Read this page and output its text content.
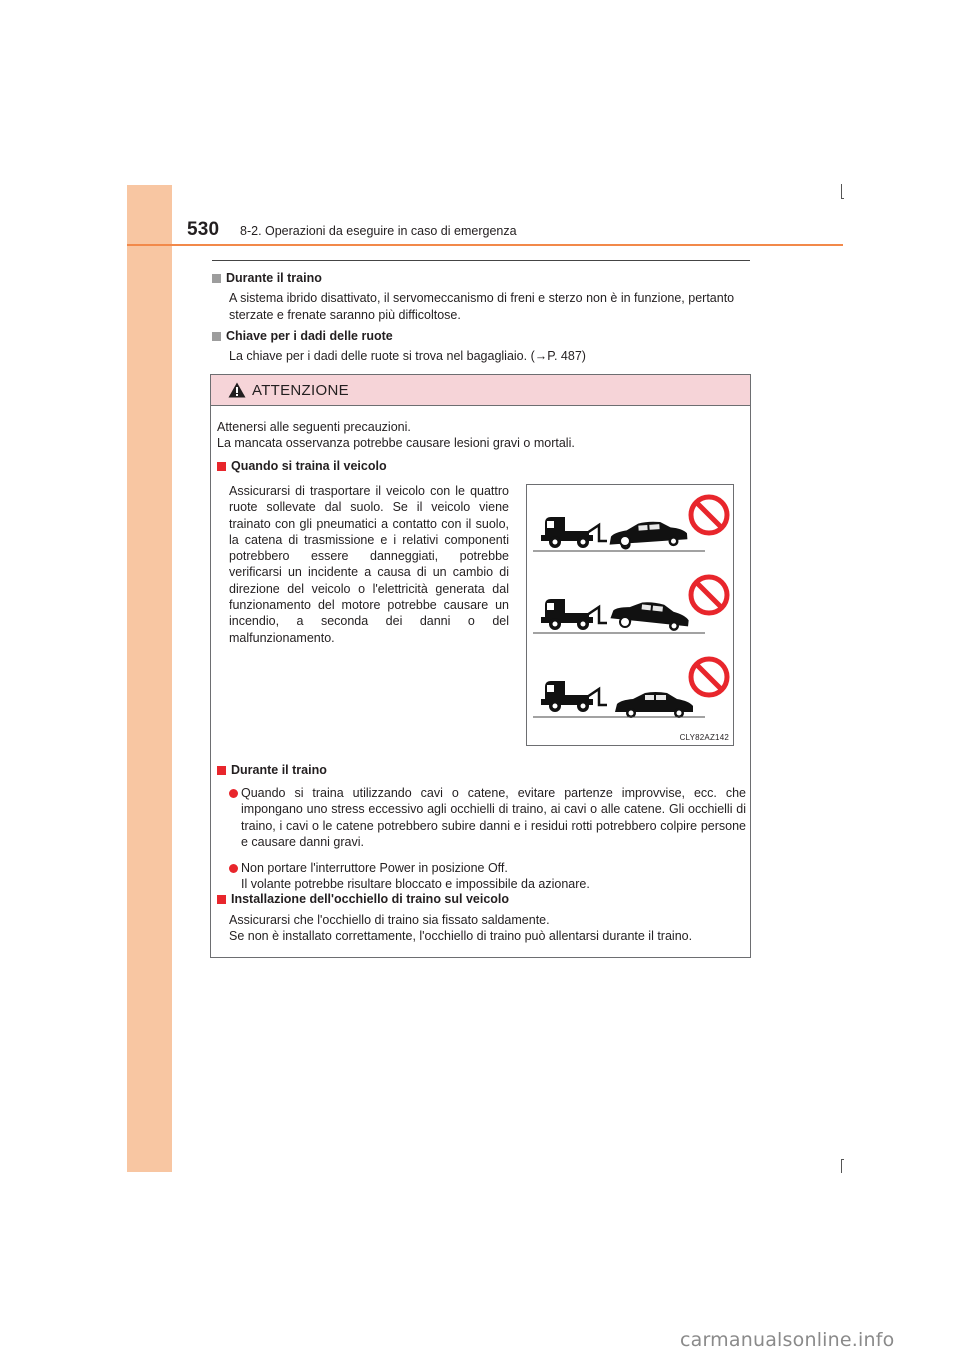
530 8-2. Operazioni da eseguire in caso di emergenza
Durante il traino
A sistema ibrido disattivato, il servomeccanismo di freni e sterzo non è in funzione, pertanto sterzate e frenate saranno più difficoltose.
Chiave per i dadi delle ruote
La chiave per i dadi delle ruote si trova nel bagagliaio. (→P. 487)
ATTENZIONE
Attenersi alle seguenti precauzioni.
La mancata osservanza potrebbe causare lesioni gravi o mortali.
Quando si traina il veicolo
Assicurarsi di trasportare il veicolo con le quattro ruote sollevate dal suolo. Se il veicolo viene trainato con gli pneumatici a contatto con il suolo, la catena di trasmissione e i relativi componenti potrebbero essere danneggiati, potrebbe verificarsi un incidente a causa di un cambio di direzione del veicolo o l'elettricità generata dal funzionamento del motore potrebbe causare un incendio, a seconda dei danni o del malfunzionamento.
CLY82AZ142
Durante il traino
Quando si traina utilizzando cavi o catene, evitare partenze improvvise, ecc. che impongano uno stress eccessivo agli occhielli di traino, ai cavi o alle catene. Gli occhielli di traino, i cavi o le catene potrebbero subire danni e i residui rotti potrebbero colpire persone e causare danni gravi.
Non portare l'interruttore Power in posizione Off.
Il volante potrebbe risultare bloccato e impossibile da azionare.
Installazione dell'occhiello di traino sul veicolo
Assicurarsi che l'occhiello di traino sia fissato saldamente.
Se non è installato correttamente, l'occhiello di traino può allentarsi durante il traino.
carmanualsonline.info
